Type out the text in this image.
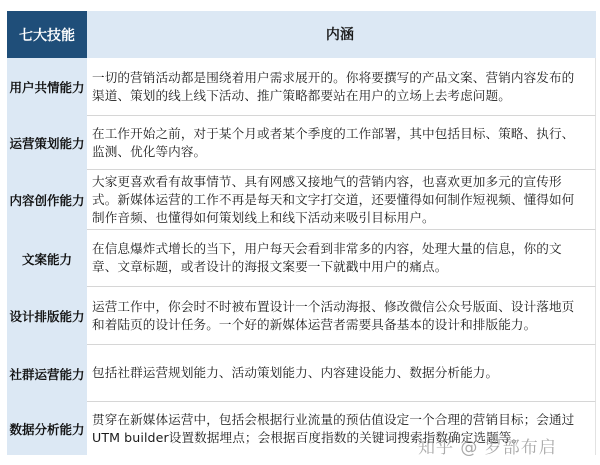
七大技能	内涵
用户共情能力
一切的营销活动都是围绕着用户需求展开的。你将要撰写的产品文案、营销内容发布的渠道、策划的线上线下活动、推广策略都要站在用户的立场上去考虑问题。
运营策划能力
在工作开始之前，对于某个月或者某个季度的工作部署，其中包括目标、策略、执行、监测、优化等内容。
内容创作能力
大家更喜欢看有故事情节、具有网感又接地气的营销内容，也喜欢更加多元的宣传形式。新媒体运营的工作不再是每天和文字打交道，还要懂得如何制作短视频、懂得如何制作音频、也懂得如何策划线上和线下活动来吸引目标用户。
文案能力
在信息爆炸式增长的当下，用户每天会看到非常多的内容，处理大量的信息，你的文章、文章标题，或者设计的海报文案要一下就戳中用户的痛点。
设计排版能力
运营工作中，你会时不时被布置设计一个活动海报、修改微信公众号版面、设计落地页和着陆页的设计任务。一个好的新媒体运营者需要具备基本的设计和排版能力。
社群运营能力 包括社群运营规划能力、活动策划能力、内容建设能力、数据分析能力。
数据分析能力
贯穿在新媒体运营中，包括会根据行业流量的预估值设定一个合理的营销目标；会通过UTM builder设置数据埋点；会根据百度指数的关键词搜索指数确定选题等。
知乎 @ 罗部布启
